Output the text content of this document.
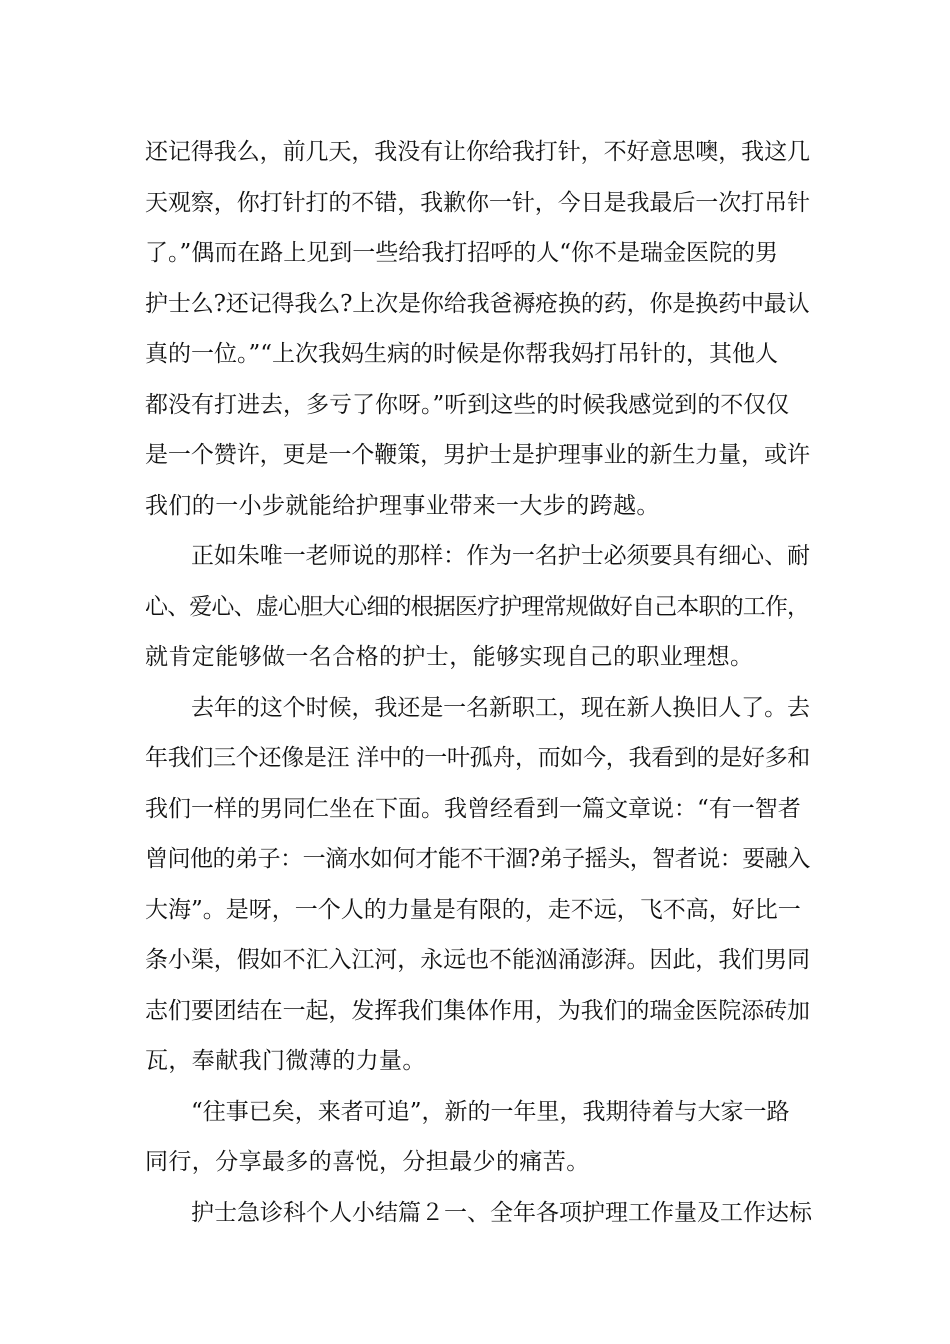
还记得我么，前几天，我没有让你给我打针，不好意思噢，我这几
天观察，你打针打的不错，我歉你一针，今日是我最后一次打吊针
了。”偶而在路上见到一些给我打招呼的人“你不是瑞金医院的男
护士么?还记得我么?上次是你给我爸褥疮换的药，你是换药中最认
真的一位。”“上次我妈生病的时候是你帮我妈打吊针的，其他人
都没有打进去，多亏了你呀。”听到这些的时候我感觉到的不仅仅
是一个赞许，更是一个鞭策，男护士是护理事业的新生力量，或许
我们的一小步就能给护理事业带来一大步的跨越。

正如朱唯一老师说的那样：作为一名护士必须要具有细心、耐
心、爱心、虚心胆大心细的根据医疗护理常规做好自己本职的工作，
就肯定能够做一名合格的护士，能够实现自己的职业理想。

去年的这个时候，我还是一名新职工，现在新人换旧人了。去
年我们三个还像是汪 洋中的一叶孤舟，而如今，我看到的是好多和
我们一样的男同仁坐在下面。我曾经看到一篇文章说：“有一智者
曾问他的弟子：一滴水如何才能不干涸?弟子摇头，智者说：要融入
大海”。是呀，一个人的力量是有限的，走不远，飞不高，好比一
条小渠，假如不汇入江河，永远也不能汹涌澎湃。因此，我们男同
志们要团结在一起，发挥我们集体作用，为我们的瑞金医院添砖加
瓦，奉献我门微薄的力量。

“往事已矣，来者可追”，新的一年里，我期待着与大家一路
同行，分享最多的喜悦，分担最少的痛苦。

护士急诊科个人小结篇２一、全年各项护理工作量及工作达标
